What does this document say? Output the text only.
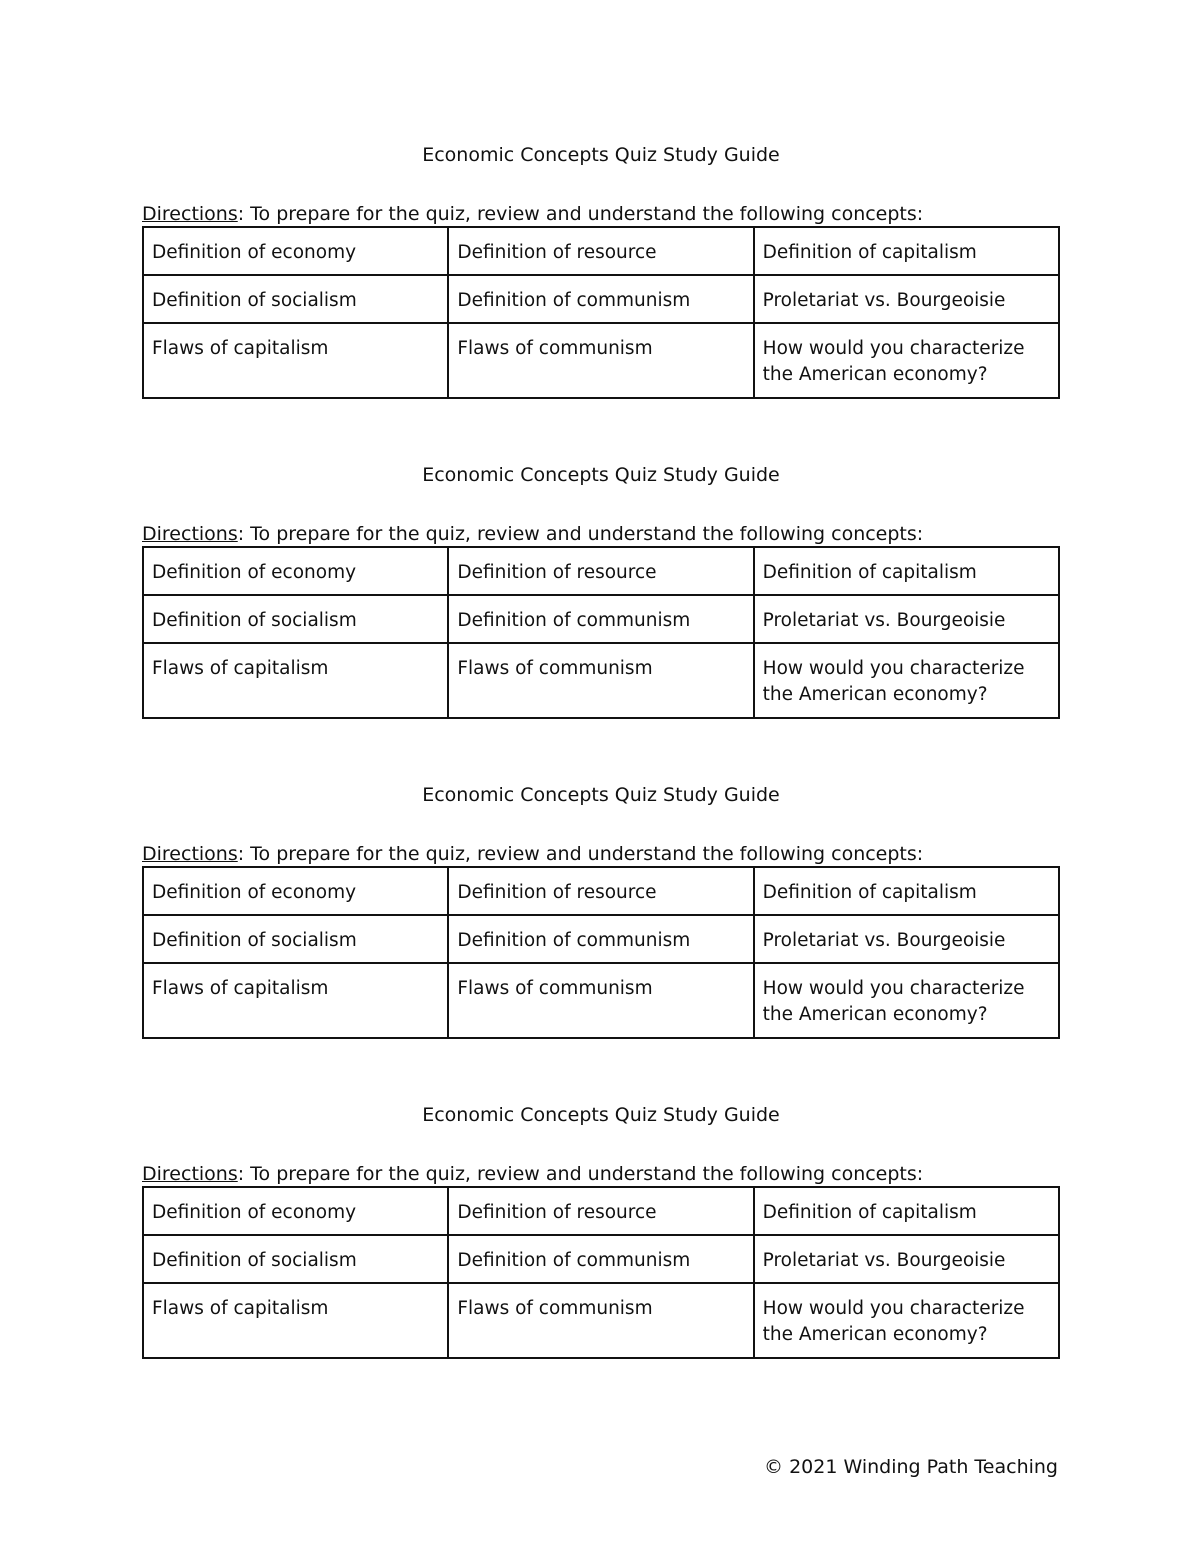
Economic Concepts Quiz Study Guide
Directions: To prepare for the quiz, review and understand the following concepts:
Definition of economy	Definition of resource	Definition of capitalism
Definition of socialism	Definition of communism	Proletariat vs. Bourgeoisie
Flaws of capitalism	Flaws of communism	How would you characterize the American economy?
Economic Concepts Quiz Study Guide
Directions: To prepare for the quiz, review and understand the following concepts:
Definition of economy	Definition of resource	Definition of capitalism
Definition of socialism	Definition of communism	Proletariat vs. Bourgeoisie
Flaws of capitalism	Flaws of communism	How would you characterize the American economy?
Economic Concepts Quiz Study Guide
Directions: To prepare for the quiz, review and understand the following concepts:
Definition of economy	Definition of resource	Definition of capitalism
Definition of socialism	Definition of communism	Proletariat vs. Bourgeoisie
Flaws of capitalism	Flaws of communism	How would you characterize the American economy?
Economic Concepts Quiz Study Guide
Directions: To prepare for the quiz, review and understand the following concepts:
Definition of economy	Definition of resource	Definition of capitalism
Definition of socialism	Definition of communism	Proletariat vs. Bourgeoisie
Flaws of capitalism	Flaws of communism	How would you characterize the American economy?
© 2021 Winding Path Teaching
